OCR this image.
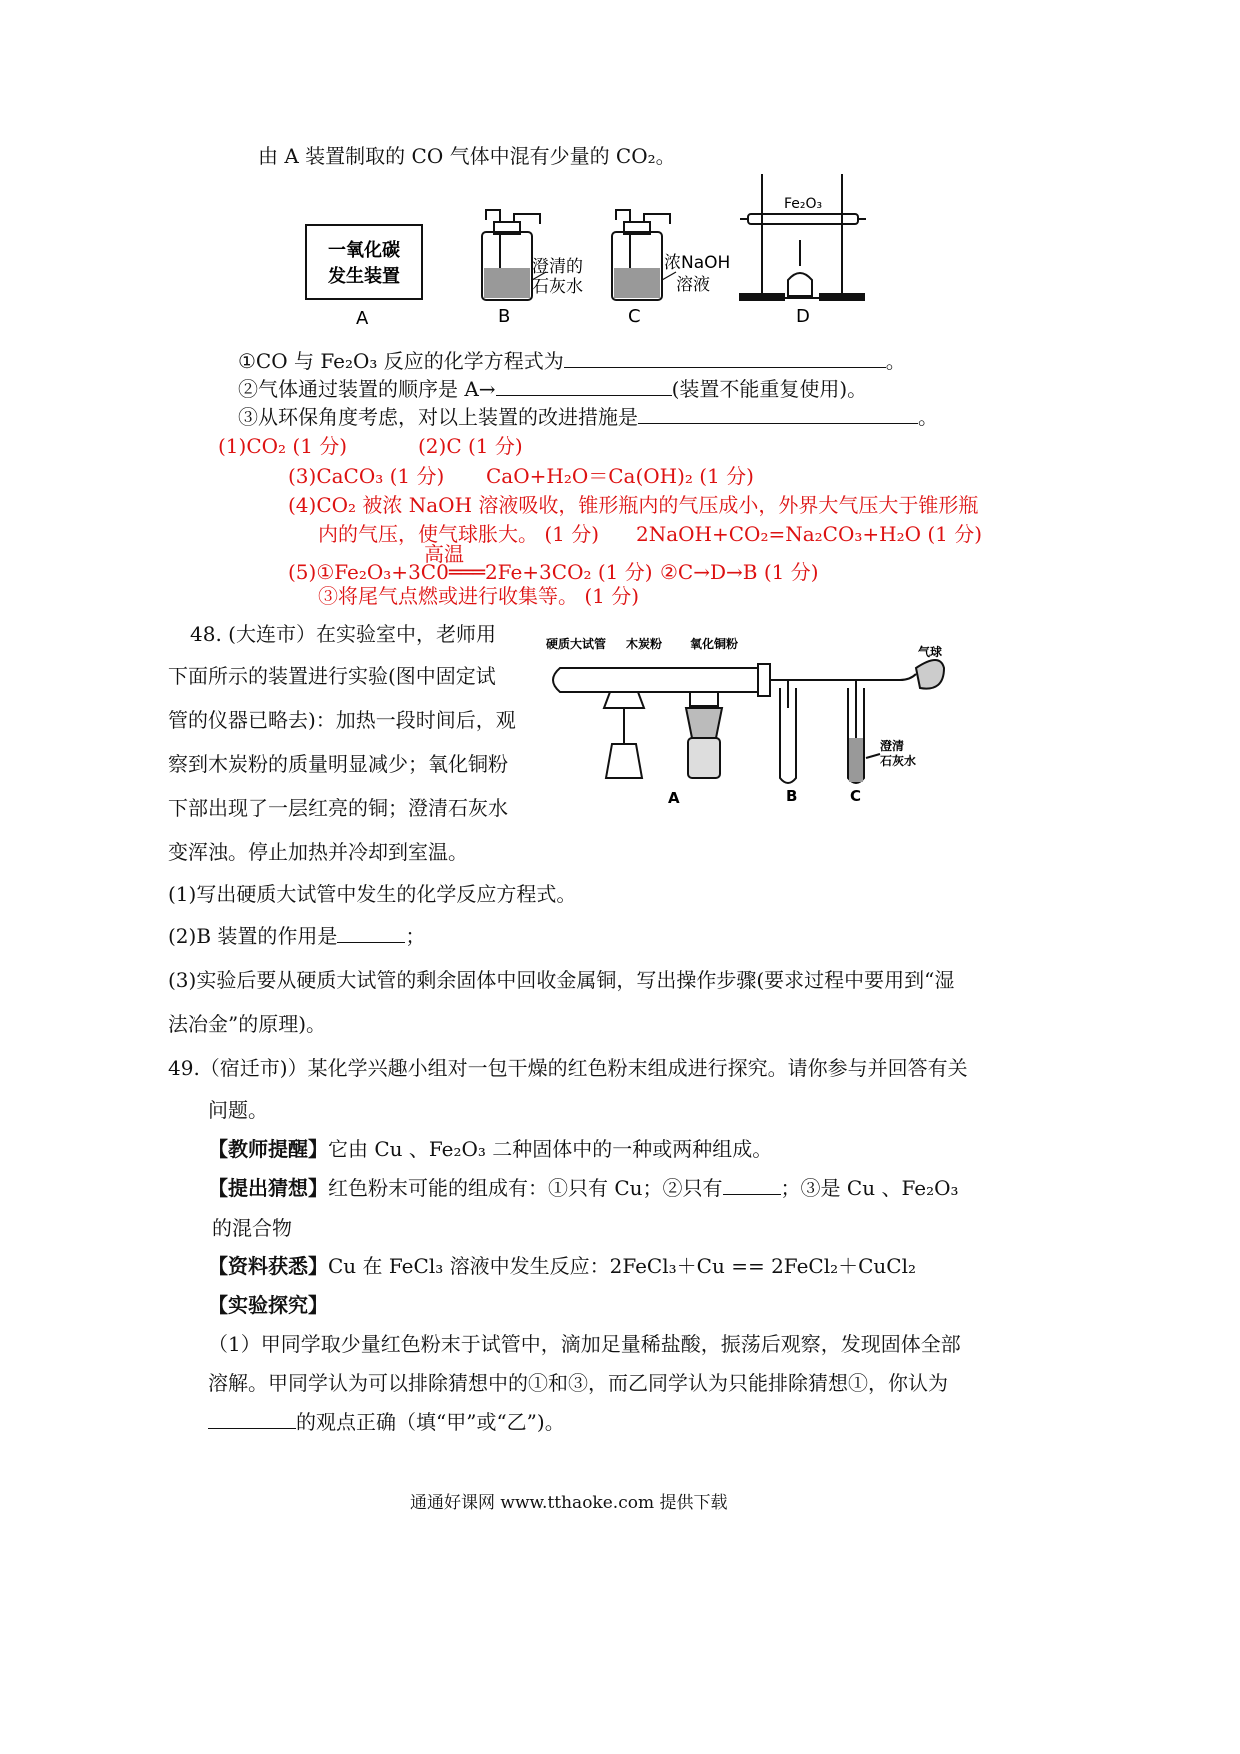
由 A 装置制取的 CO 气体中混有少量的 CO₂。
一氧化碳
发生装置	澄清的
石灰水
浓NaOH
溶液
Fe₂O₃
A	B	C	D
①CO 与 Fe₂O₃ 反应的化学方程式为	。
②气体通过装置的顺序是 A→	(装置不能重复使用)。
③从环保角度考虑，对以上装置的改进措施是	。
(1)CO₂ (1 分)	(2)C (1 分)
(3)CaCO₃ (1 分) CaO+H₂O＝Ca(OH)₂ (1 分)
(4)CO₂ 被浓 NaOH 溶液吸收，锥形瓶内的气压成小，外界大气压大于锥形瓶
内的气压，使气球胀大。 (1 分) 2NaOH+CO₂=Na₂CO₃+H₂O (1 分)
高温
(5)①Fe₂O₃+3C0═══2Fe+3CO₂ (1 分) ②C→D→B (1 分)
③将尾气点燃或进行收集等。 (1 分)
48. (大连市）在实验室中，老师用
下面所示的装置进行实验(图中固定试
管的仪器已略去)：加热一段时间后，观
察到木炭粉的质量明显减少；氧化铜粉
下部出现了一层红亮的铜；澄清石灰水
变浑浊。停止加热并冷却到室温。
硬质大试管 木炭粉 氧化铜粉
气球
澄清
石灰水
A	B	C
(1)写出硬质大试管中发生的化学反应方程式。
(2)B 装置的作用是	；
(3)实验后要从硬质大试管的剩余固体中回收金属铜，写出操作步骤(要求过程中要用到“湿
法冶金”的原理)。
49.（宿迁市)）某化学兴趣小组对一包干燥的红色粉末组成进行探究。请你参与并回答有关
问题。
【教师提醒】它由 Cu 、Fe₂O₃ 二种固体中的一种或两种组成。
【提出猜想】红色粉末可能的组成有：①只有 Cu；②只有	；③是 Cu 、Fe₂O₃
的混合物
【资料获悉】Cu 在 FeCl₃ 溶液中发生反应：2FeCl₃＋Cu == 2FeCl₂＋CuCl₂
【实验探究】
（1）甲同学取少量红色粉末于试管中，滴加足量稀盐酸，振荡后观察，发现固体全部
溶解。甲同学认为可以排除猜想中的①和③，而乙同学认为只能排除猜想①，你认为
的观点正确（填“甲”或“乙”)。
通通好课网 www.tthaoke.com 提供下载
